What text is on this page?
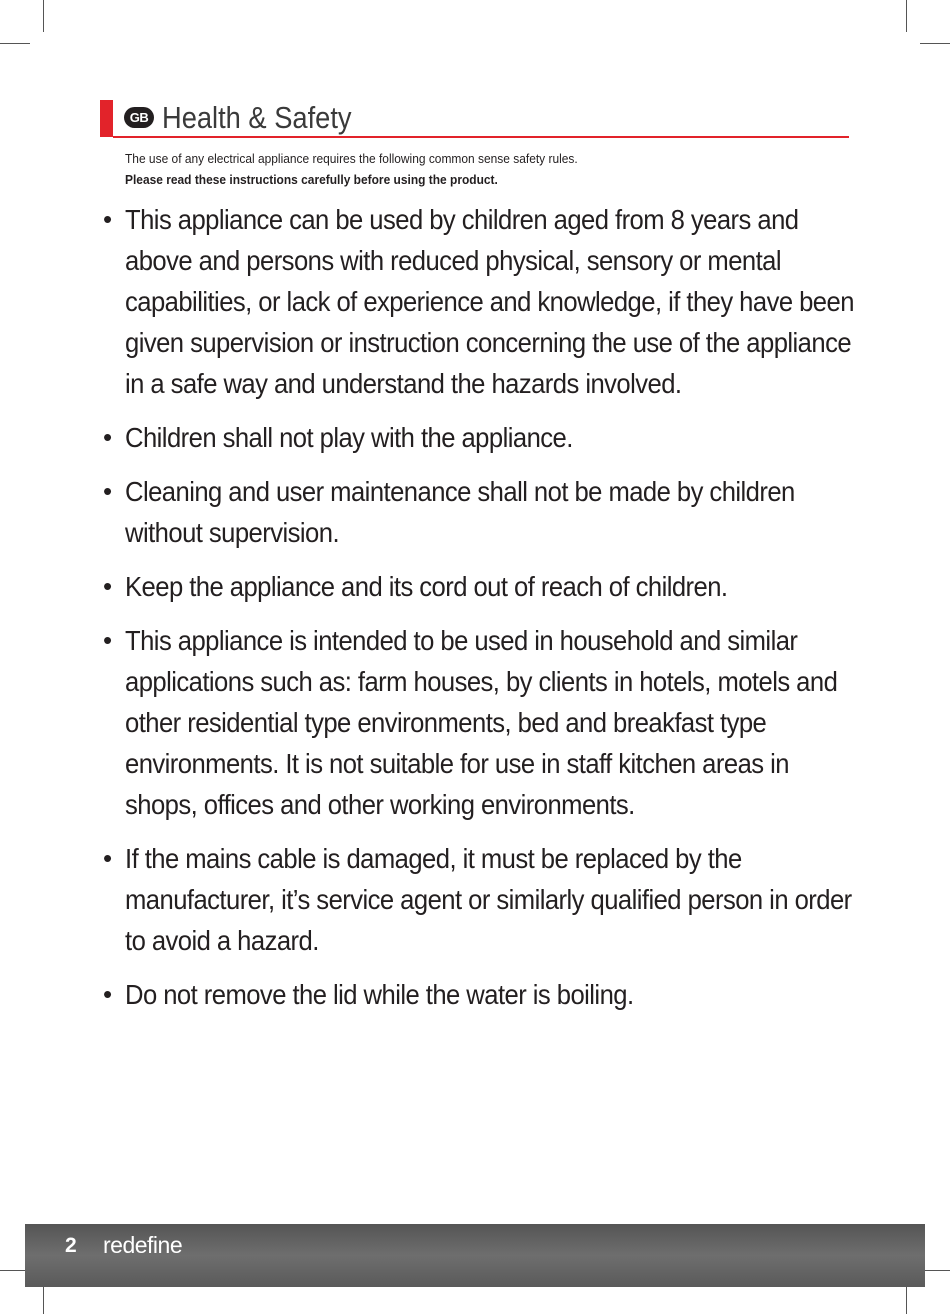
GB Health & Safety
The use of any electrical appliance requires the following common sense safety rules.
Please read these instructions carefully before using the product.
• This appliance can be used by children aged from 8 years and above and persons with reduced physical, sensory or mental capabilities, or lack of experience and knowledge, if they have been given supervision or instruction concerning the use of the appliance in a safe way and understand the hazards involved.
• Children shall not play with the appliance.
• Cleaning and user maintenance shall not be made by children without supervision.
• Keep the appliance and its cord out of reach of children.
• This appliance is intended to be used in household and similar applications such as: farm houses, by clients in hotels, motels and other residential type environments, bed and breakfast type environments. It is not suitable for use in staff kitchen areas in shops, offices and other working environments.
• If the mains cable is damaged, it must be replaced by the manufacturer, it’s service agent or similarly qualified person in order to avoid a hazard.
• Do not remove the lid while the water is boiling.
2 redefine
